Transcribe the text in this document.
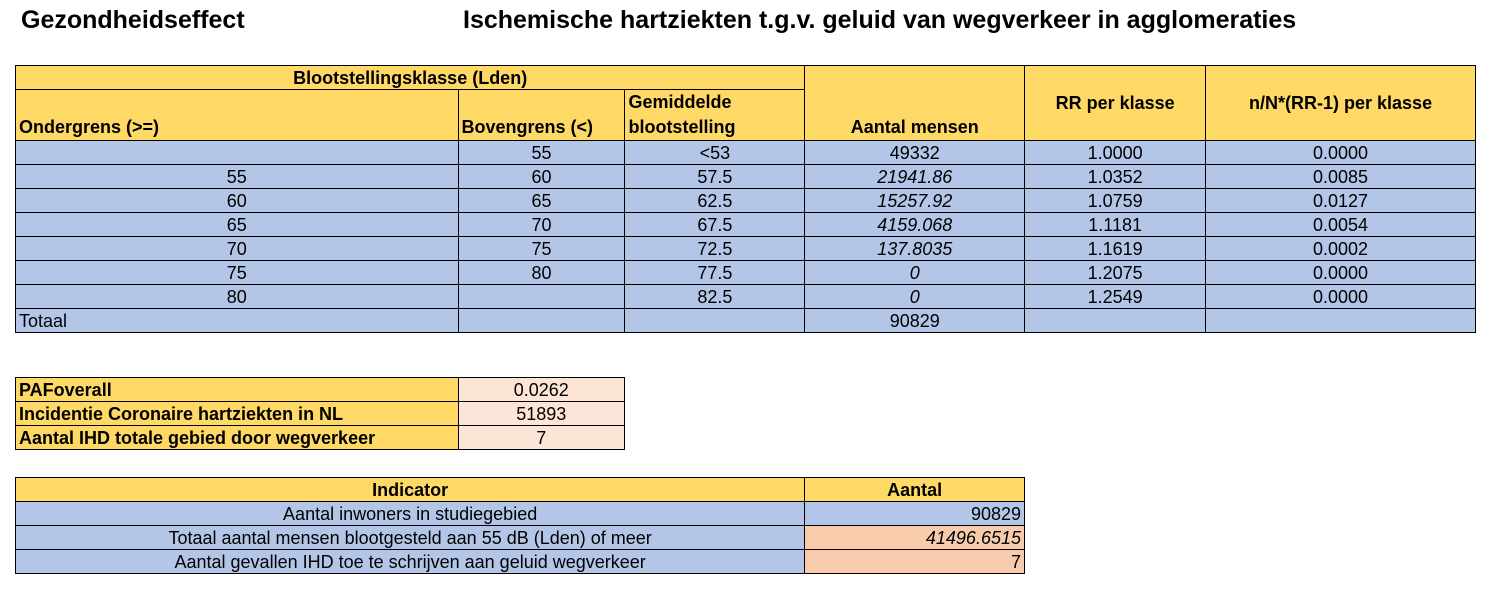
Gezondheidseffect	Ischemische hartziekten t.g.v. geluid van wegverkeer in agglomeraties
Blootstellingsklasse (Lden)			Aantal mensen	RR per klasse	n/N*(RR-1) per klasse
Ondergrens (>=)	Bovengrens (<)	Gemiddelde
blootstelling			

	55	<53	49332	1.0000	0.0000
55	60	57.5	21941.86	1.0352	0.0085
60	65	62.5	15257.92	1.0759	0.0127
65	70	67.5	4159.068	1.1181	0.0054
70	75	72.5	137.8035	1.1619	0.0002
75	80	77.5	0	1.2075	0.0000
80		82.5	0	1.2549	0.0000
Totaal			90829		
PAFoverall	0.0262
Incidentie Coronaire hartziekten in NL	51893
Aantal IHD totale gebied door wegverkeer	7
Indicator	Aantal
Aantal inwoners in studiegebied	90829
Totaal aantal mensen blootgesteld aan 55 dB (Lden) of meer	41496.6515
Aantal gevallen IHD toe te schrijven aan geluid wegverkeer	7
